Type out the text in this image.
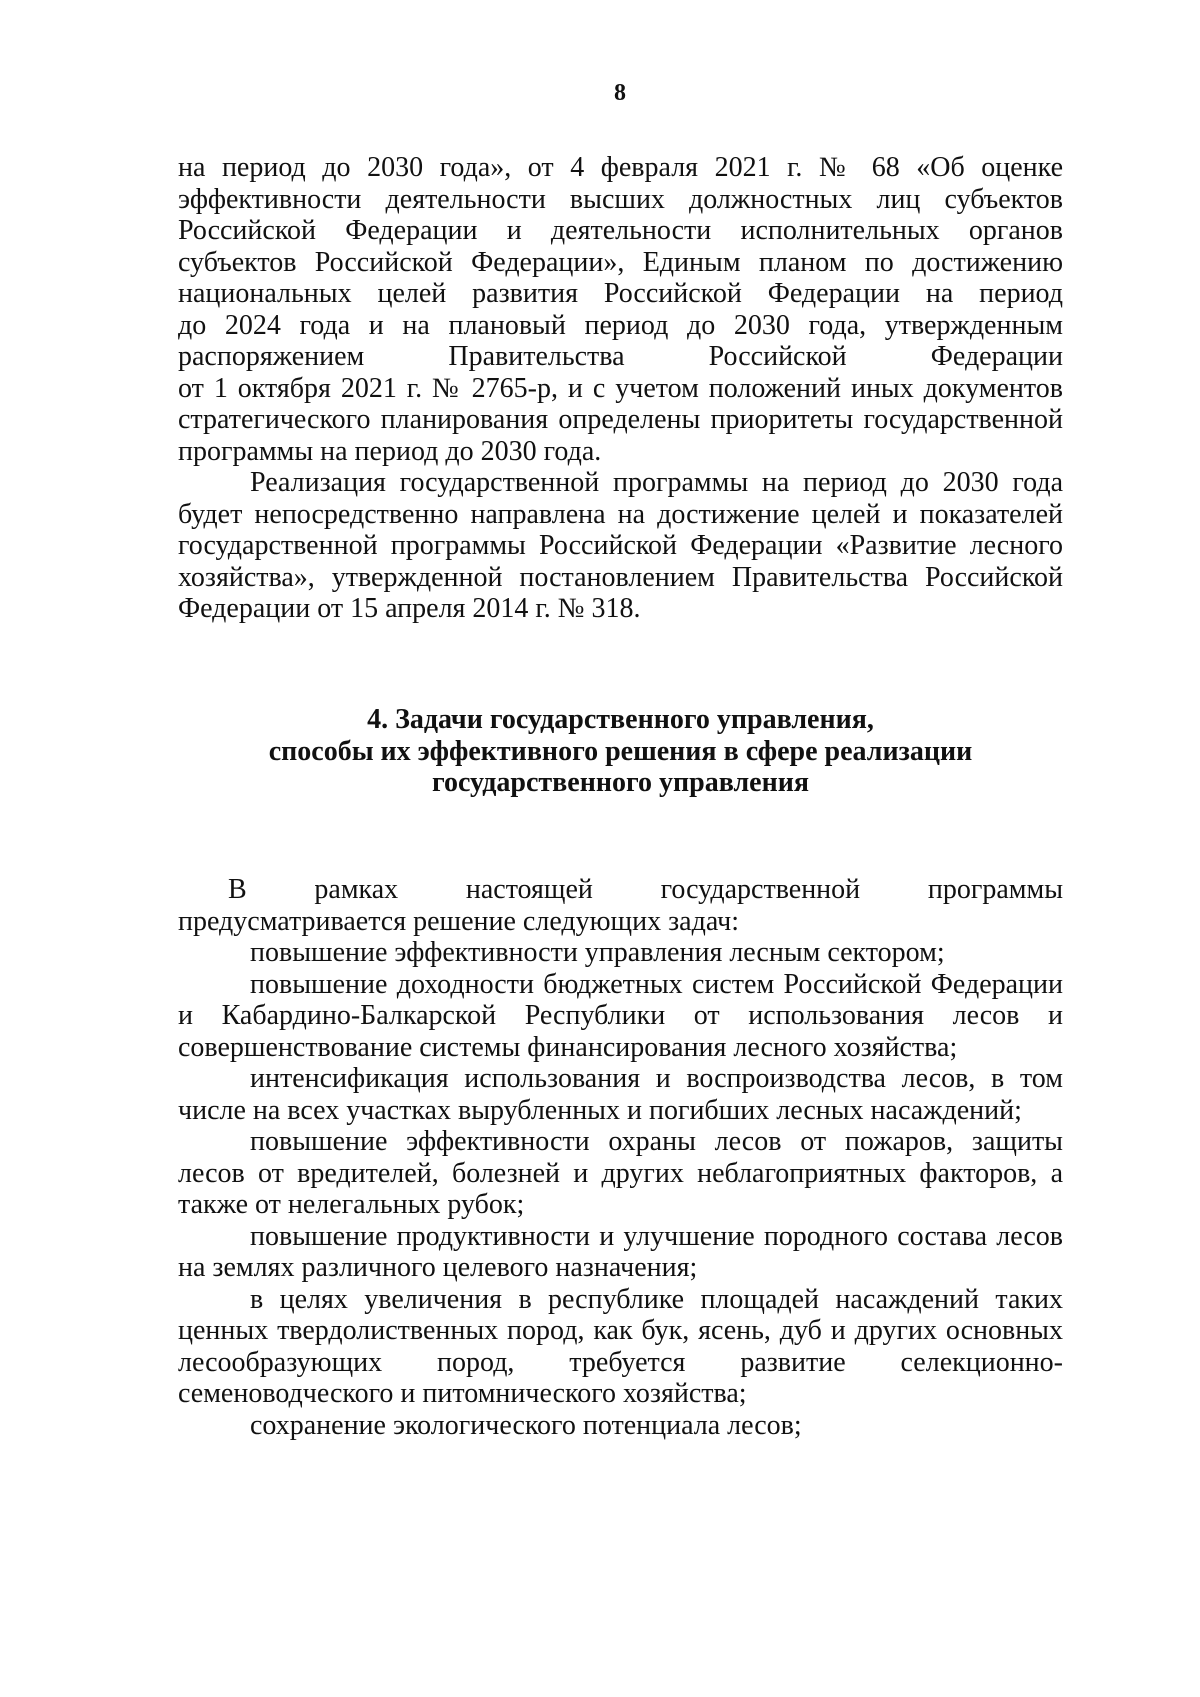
8
на период до 2030 года», от 4 февраля 2021 г. № 68 «Об оценке
эффективности деятельности высших должностных лиц субъектов
Российской Федерации и деятельности исполнительных органов
субъектов Российской Федерации», Единым планом по достижению
национальных целей развития Российской Федерации на период
до 2024 года и на плановый период до 2030 года, утвержденным
распоряжением Правительства Российской Федерации
от 1 октября 2021 г. № 2765-р, и с учетом положений иных документов
стратегического планирования определены приоритеты государственной

программы на период до 2030 года.

Реализация государственной программы на период до 2030 года будет непосредственно направлена на достижение целей и показателей государственной программы Российской Федерации «Развитие лесного хозяйства», утвержденной постановлением Правительства Российской Федерации от 15 апреля 2014 г. № 318.

4. Задачи государственного управления,
способы их эффективного решения в сфере реализации
государственного управления
В рамках настоящей государственной программы

предусматривается решение следующих задач:

повышение эффективности управления лесным сектором;

повышение доходности бюджетных систем Российской Федерации и Кабардино-Балкарской Республики от использования лесов и совершенствование системы финансирования лесного хозяйства;

интенсификация использования и воспроизводства лесов, в том числе на всех участках вырубленных и погибших лесных насаждений;

повышение эффективности охраны лесов от пожаров, защиты лесов от вредителей, болезней и других неблагоприятных факторов, а также от нелегальных рубок;

повышение продуктивности и улучшение породного состава лесов на землях различного целевого назначения;

в целях увеличения в республике площадей насаждений таких ценных твердолиственных пород, как бук, ясень, дуб и других основных лесообразующих пород, требуется развитие селекционно-семеноводческого и питомнического хозяйства;

сохранение экологического потенциала лесов;
